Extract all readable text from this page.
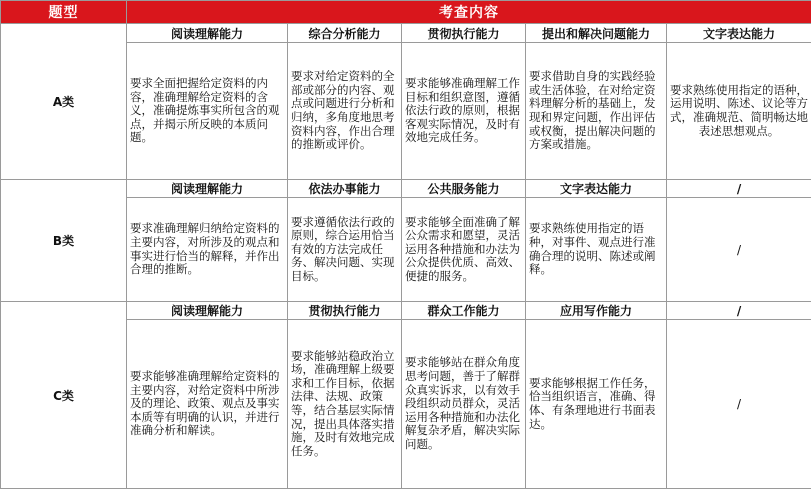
题型	考查内容				
A类	阅读理解能力	综合分析能力	贯彻执行能力	提出和解决问题能力	文字表达能力
	要求全面把握给定资料的内容，准确理解给定资料的含义，准确提炼事实所包含的观点，并揭示所反映的本质问题。	要求对给定资料的全部或部分的内容、观点或问题进行分析和归纳，多角度地思考资料内容，作出合理的推断或评价。	要求能够准确理解工作目标和组织意图，遵循依法行政的原则，根据客观实际情况，及时有效地完成任务。	要求借助自身的实践经验或生活体验，在对给定资料理解分析的基础上，发现和界定问题，作出评估或权衡，提出解决问题的方案或措施。	要求熟练使用指定的语种，运用说明、陈述、议论等方式，准确规范、简明畅达地表述思想观点。
B类	阅读理解能力	依法办事能力	公共服务能力	文字表达能力	/
	要求准确理解归纳给定资料的主要内容，对所涉及的观点和事实进行恰当的解释，并作出合理的推断。	要求遵循依法行政的原则，综合运用恰当有效的方法完成任务、解决问题、实现目标。	要求能够全面准确了解公众需求和愿望，灵活运用各种措施和办法为公众提供优质、高效、便捷的服务。	要求熟练使用指定的语种，对事件、观点进行准确合理的说明、陈述或阐释。	/
C类	阅读理解能力	贯彻执行能力	群众工作能力	应用写作能力	/
	要求能够准确理解给定资料的主要内容，对给定资料中所涉及的理论、政策、观点及事实本质等有明确的认识，并进行准确分析和解读。	要求能够站稳政治立场，准确理解上级要求和工作目标，依据法律、法规、政策等，结合基层实际情况，提出具体落实措施，及时有效地完成任务。	要求能够站在群众角度思考问题，善于了解群众真实诉求，以有效手段组织动员群众，灵活运用各种措施和办法化解复杂矛盾，解决实际问题。	要求能够根据工作任务，恰当组织语言，准确、得体、有条理地进行书面表达。	/
